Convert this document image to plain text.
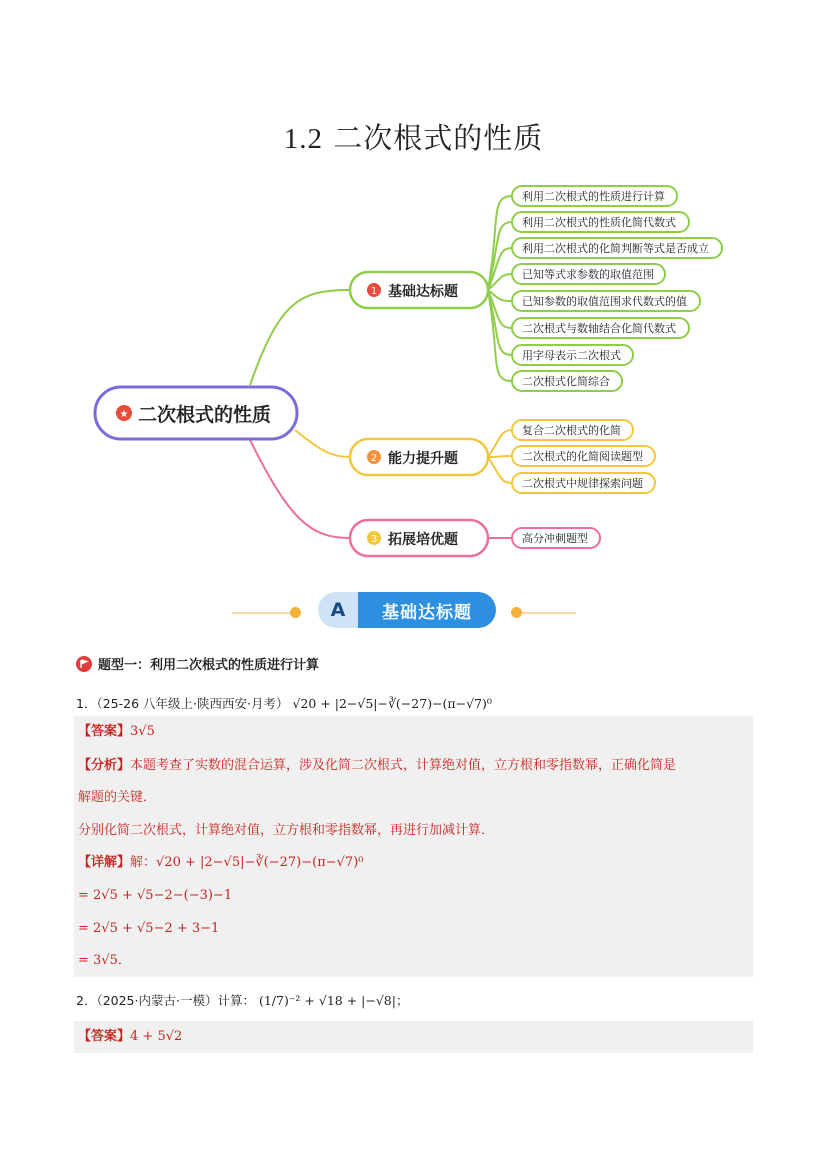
1.2 二次根式的性质
★ 二次根式的性质
1 基础达标题
2 能力提升题
3 拓展培优题
利用二次根式的性质进行计算
利用二次根式的性质化简代数式
利用二次根式的化简判断等式是否成立
已知等式求参数的取值范围
已知参数的取值范围求代数式的值
二次根式与数轴结合化简代数式
用字母表示二次根式
二次根式化简综合
复合二次根式的化简
二次根式的化简阅读题型
二次根式中规律探索问题
高分冲刺题型
A	基础达标题
题型一：利用二次根式的性质进行计算
1．（25-26 八年级上·陕西西安·月考） √20 + |2−√5|−∛(−27)−(π−√7)⁰
【答案】3√5
【分析】本题考查了实数的混合运算，涉及化简二次根式，计算绝对值，立方根和零指数幂，正确化简是
解题的关键．
分别化简二次根式，计算绝对值，立方根和零指数幂，再进行加减计算．
【详解】解：√20 + |2−√5|−∛(−27)−(π−√7)⁰
= 2√5 + √5−2−(−3)−1
= 2√5 + √5−2 + 3−1
= 3√5．
2．（2025·内蒙古·一模）计算： (1/7)⁻² + √18 + |−√8|；
【答案】4 + 5√2
